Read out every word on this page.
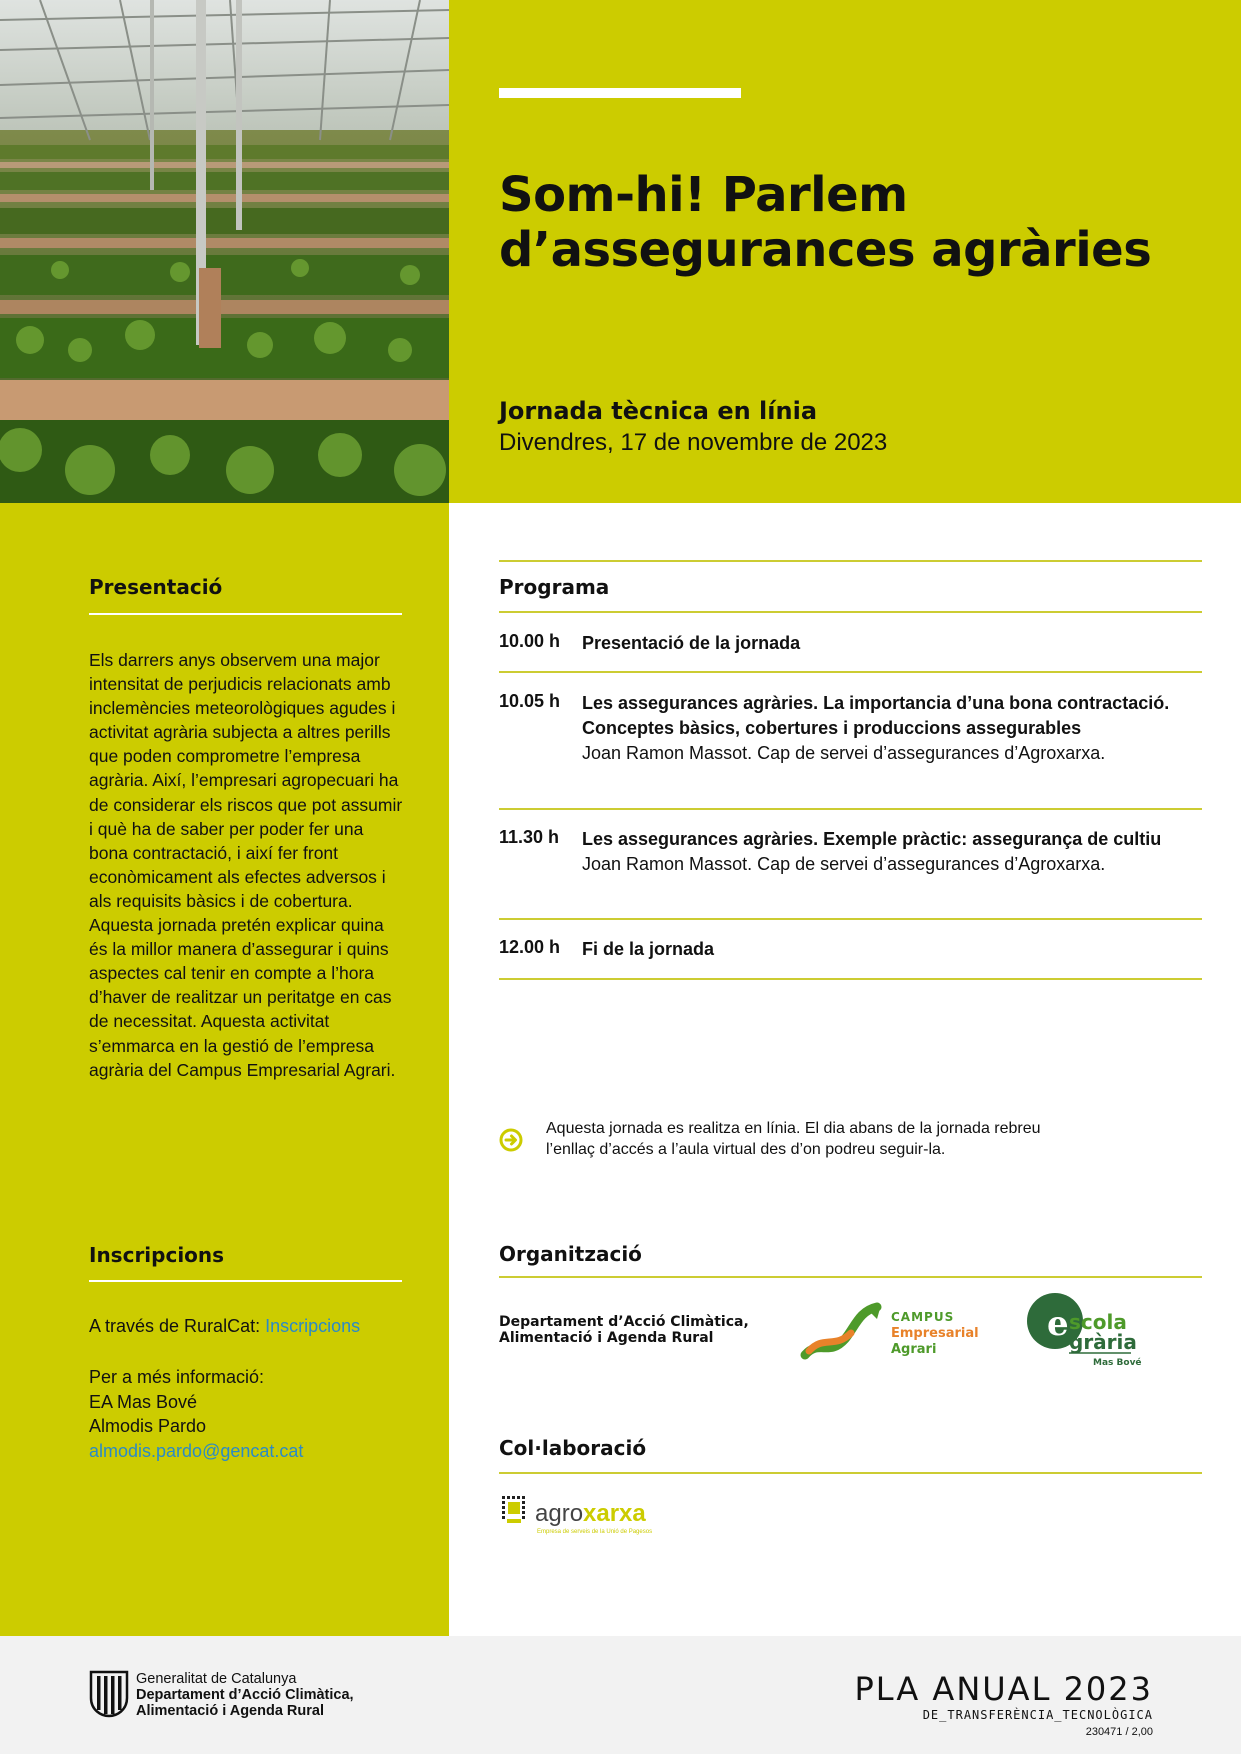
Som-hi! Parlem d’assegurances agràries
Jornada tècnica en línia
Divendres, 17 de novembre de 2023
Presentació

Els darrers anys observem una major intensitat de perjudicis relacionats amb inclemències meteorològiques agudes i activitat agrària subjecta a altres perills que poden comprometre l’empresa agrària. Així, l’empresari agropecuari ha de considerar els riscos que pot assumir i què ha de saber per poder fer una bona contractació, i així fer front econòmicament als efectes adversos i als requisits bàsics i de cobertura. Aquesta jornada pretén explicar quina és la millor manera d’assegurar i quins aspectes cal tenir en compte a l’hora d’haver de realitzar un peritatge en cas de necessitat. Aquesta activitat s’emmarca en la gestió de l’empresa agrària del Campus Empresarial Agrari.

Inscripcions
A través de RuralCat: Inscripcions
Per a més informació:
EA Mas Bové
Almodis Pardo
almodis.pardo@gencat.cat
Programa
10.00 h Presentació de la jornada
10.05 h Les assegurances agràries. La importancia d’una bona contractació. Conceptes bàsics, cobertures i produccions assegurables
Joan Ramon Massot. Cap de servei d’assegurances d’Agroxarxa.
11.30 h Les assegurances agràries. Exemple pràctic: assegurança de cultiu
Joan Ramon Massot. Cap de servei d’assegurances d’Agroxarxa.
12.00 h Fi de la jornada
Aquesta jornada es realitza en línia. El dia abans de la jornada rebreu
l’enllaç d’accés a l’aula virtual des d’on podreu seguir-la.
Organització
Departament d’Acció Climàtica,
Alimentació i Agenda Rural
CAMPUS
Empresarial
Agrari
e scola
grària
Mas Bové
Col·laboració
agro xarxa
Empresa de serveis de la Unió de Pagesos
Generalitat de Catalunya
Departament d’Acció Climàtica,
Alimentació i Agenda Rural
PLA ANUAL 2023
DE_TRANSFERÈNCIA_TECNOLÒGICA
230471 / 2,00
